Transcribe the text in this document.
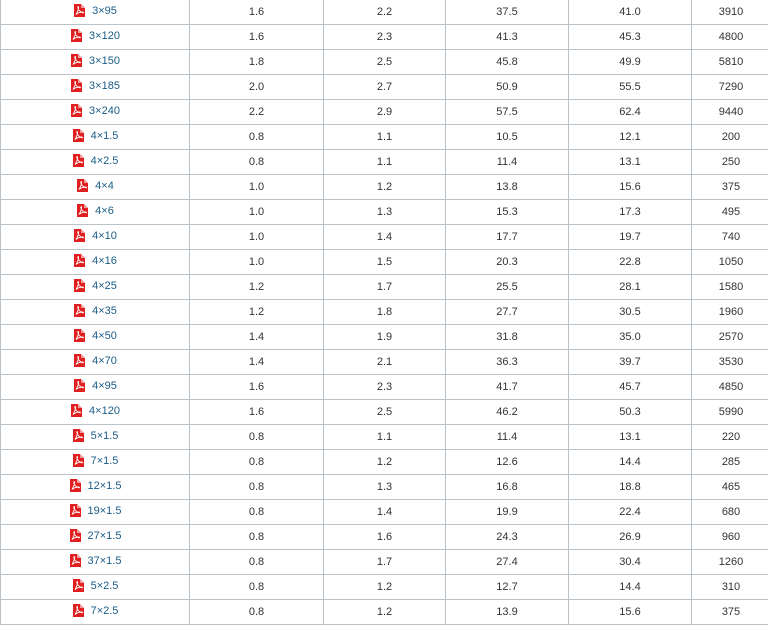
3×95	1.6	2.2	37.5	41.0	3910

3×120	1.6	2.3	41.3	45.3	4800

3×150	1.8	2.5	45.8	49.9	5810

3×185	2.0	2.7	50.9	55.5	7290

3×240	2.2	2.9	57.5	62.4	9440

4×1.5	0.8	1.1	10.5	12.1	200

4×2.5	0.8	1.1	11.4	13.1	250

4×4	1.0	1.2	13.8	15.6	375

4×6	1.0	1.3	15.3	17.3	495

4×10	1.0	1.4	17.7	19.7	740

4×16	1.0	1.5	20.3	22.8	1050

4×25	1.2	1.7	25.5	28.1	1580

4×35	1.2	1.8	27.7	30.5	1960

4×50	1.4	1.9	31.8	35.0	2570

4×70	1.4	2.1	36.3	39.7	3530

4×95	1.6	2.3	41.7	45.7	4850

4×120	1.6	2.5	46.2	50.3	5990

5×1.5	0.8	1.1	11.4	13.1	220

7×1.5	0.8	1.2	12.6	14.4	285

12×1.5	0.8	1.3	16.8	18.8	465

19×1.5	0.8	1.4	19.9	22.4	680

27×1.5	0.8	1.6	24.3	26.9	960

37×1.5	0.8	1.7	27.4	30.4	1260

5×2.5	0.8	1.2	12.7	14.4	310

7×2.5	0.8	1.2	13.9	15.6	375
